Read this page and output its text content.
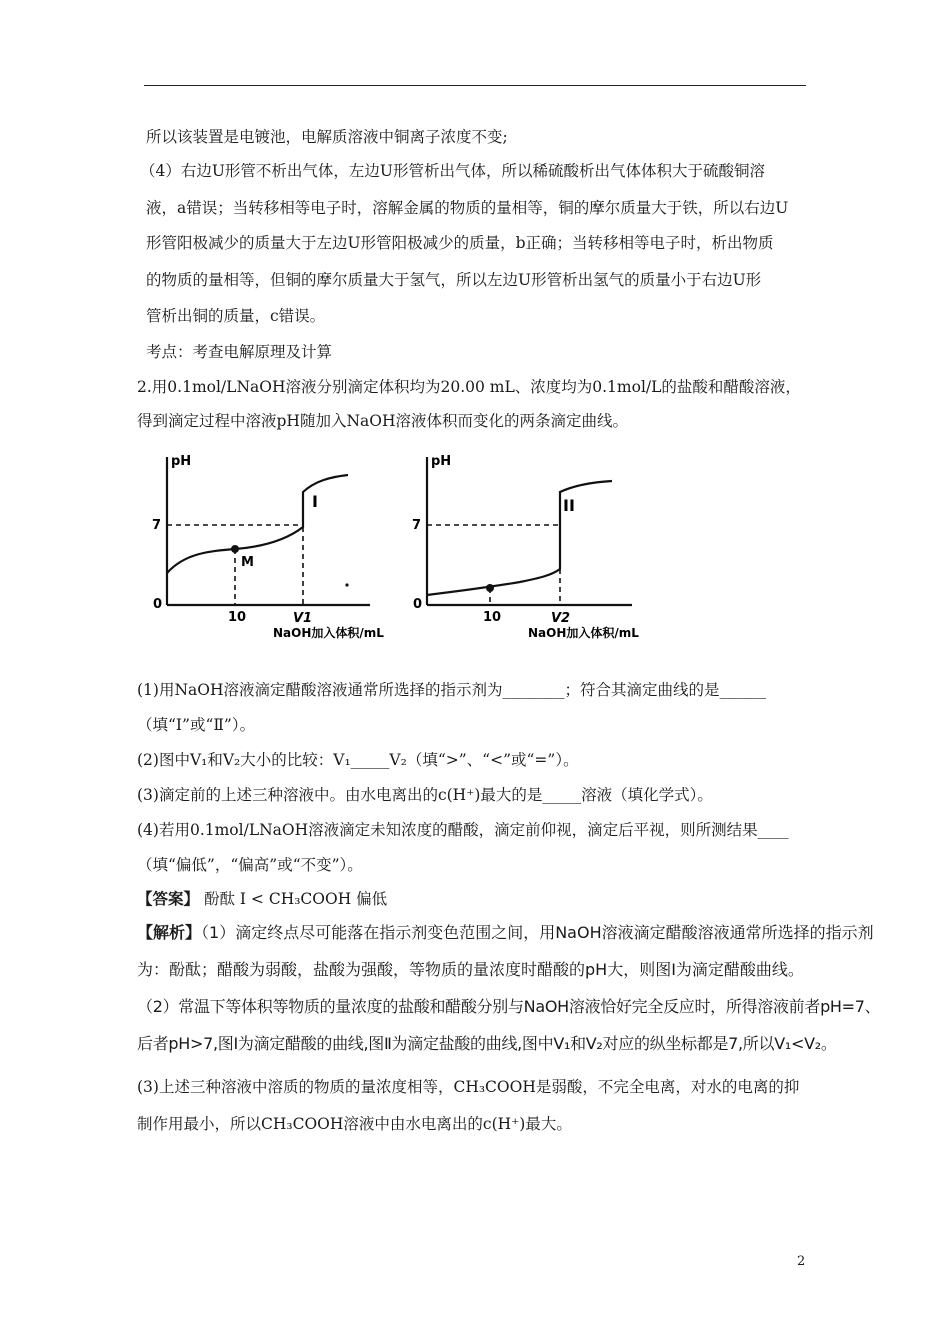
所以该装置是电镀池，电解质溶液中铜离子浓度不变;
（4）右边U形管不析出气体，左边U形管析出气体，所以稀硫酸析出气体体积大于硫酸铜溶
液，a错误；当转移相等电子时，溶解金属的物质的量相等，铜的摩尔质量大于铁，所以右边U
形管阳极减少的质量大于左边U形管阳极减少的质量，b正确；当转移相等电子时，析出物质
的物质的量相等，但铜的摩尔质量大于氢气，所以左边U形管析出氢气的质量小于右边U形
管析出铜的质量，c错误。
考点：考查电解原理及计算
2.用0.1mol/LNaOH溶液分别滴定体积均为20.00 mL、浓度均为0.1mol/L的盐酸和醋酸溶液，
得到滴定过程中溶液pH随加入NaOH溶液体积而变化的两条滴定曲线。
pH
7
0
10	V1
M
I
NaOH加入体积/mL
pH
7
0
10	V2
II
NaOH加入体积/mL
(1)用NaOH溶液滴定醋酸溶液通常所选择的指示剂为________；符合其滴定曲线的是______
（填“I”或“Ⅱ”）。
(2)图中V₁和V₂大小的比较：V₁_____V₂（填“>”、“<”或“=”）。
(3)滴定前的上述三种溶液中。由水电离出的c(H⁺)最大的是_____溶液（填化学式）。
(4)若用0.1mol/LNaOH溶液滴定未知浓度的醋酸，滴定前仰视，滴定后平视，则所测结果____
（填“偏低”，“偏高”或“不变”）。
【答案】 酚酞 I < CH₃COOH 偏低
【解析】（1）滴定终点尽可能落在指示剂变色范围之间，用NaOH溶液滴定醋酸溶液通常所选择的指示剂
为：酚酞；醋酸为弱酸，盐酸为强酸，等物质的量浓度时醋酸的pH大，则图I为滴定醋酸曲线。
（2）常温下等体积等物质的量浓度的盐酸和醋酸分别与NaOH溶液恰好完全反应时，所得溶液前者pH=7、
后者pH>7,图I为滴定醋酸的曲线,图Ⅱ为滴定盐酸的曲线,图中V₁和V₂对应的纵坐标都是7,所以V₁<V₂。
(3)上述三种溶液中溶质的物质的量浓度相等，CH₃COOH是弱酸，不完全电离，对水的电离的抑
制作用最小，所以CH₃COOH溶液中由水电离出的c(H⁺)最大。
2
